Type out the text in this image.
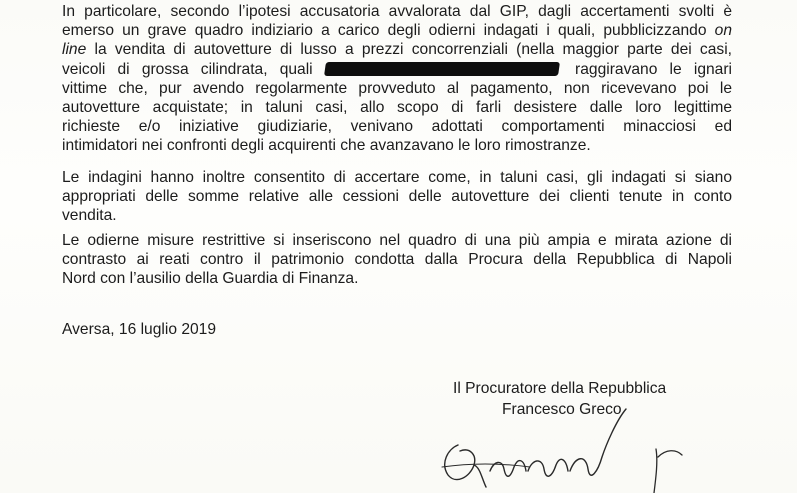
In particolare, secondo l’ipotesi accusatoria avvalorata dal GIP, dagli accertamenti svolti è
emerso un grave quadro indiziario a carico degli odierni indagati i quali, pubblicizzando on
line la vendita di autovetture di lusso a prezzi concorrenziali (nella maggior parte dei casi,
veicoli di grossa cilindrata, quali	raggiravano le ignari
vittime che, pur avendo regolarmente provveduto al pagamento, non ricevevano poi le
autovetture acquistate; in taluni casi, allo scopo di farli desistere dalle loro legittime
richieste e/o iniziative giudiziarie, venivano adottati comportamenti minacciosi ed
intimidatori nei confronti degli acquirenti che avanzavano le loro rimostranze.
Le indagini hanno inoltre consentito di accertare come, in taluni casi, gli indagati si siano
appropriati delle somme relative alle cessioni delle autovetture dei clienti tenute in conto
vendita.
Le odierne misure restrittive si inseriscono nel quadro di una più ampia e mirata azione di
contrasto ai reati contro il patrimonio condotta dalla Procura della Repubblica di Napoli
Nord con l’ausilio della Guardia di Finanza.
Aversa, 16 luglio 2019
Il Procuratore della Repubblica
Francesco Greco
